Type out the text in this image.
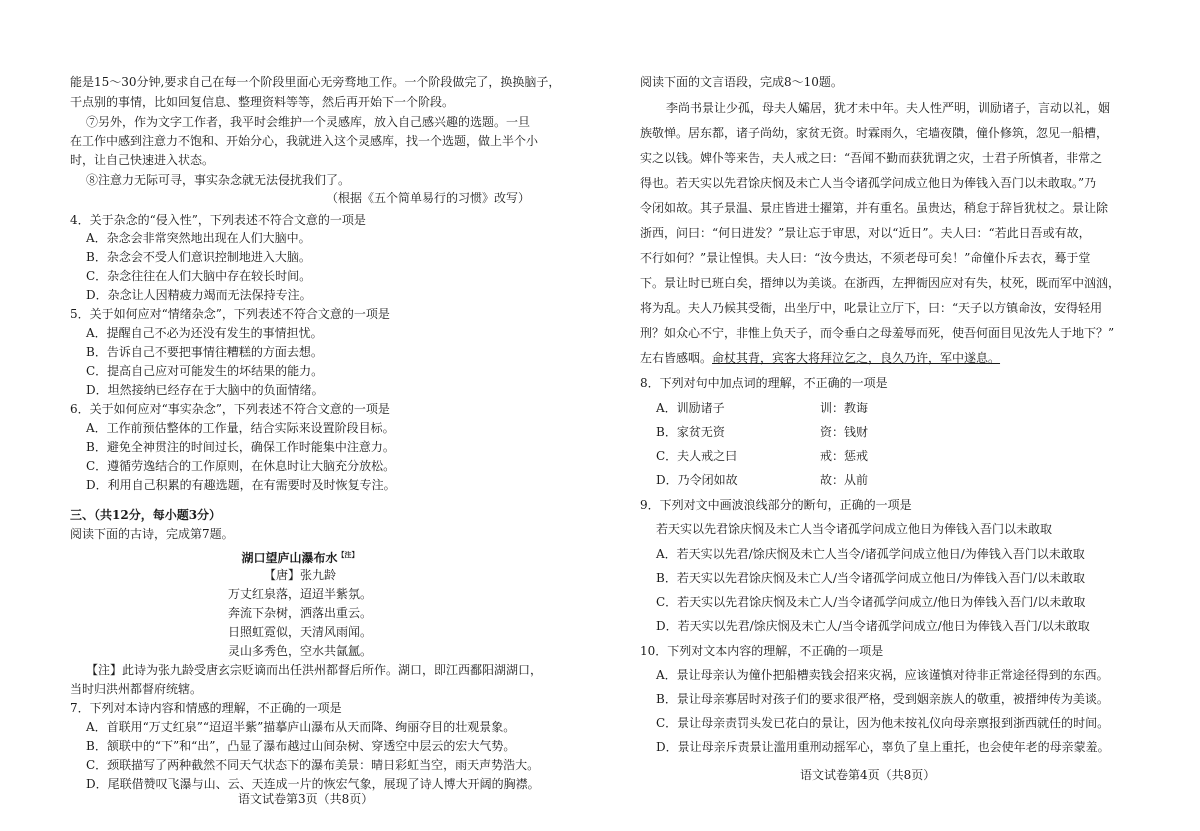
能是15～30分钟,要求自己在每一个阶段里面心无旁骛地工作。一个阶段做完了，换换脑子，
干点别的事情，比如回复信息、整理资料等等，然后再开始下一个阶段。
⑦另外，作为文字工作者，我平时会维护一个灵感库，放入自己感兴趣的选题。一旦
在工作中感到注意力不饱和、开始分心，我就进入这个灵感库，找一个选题，做上半个小
时，让自己快速进入状态。
⑧注意力无际可寻，事实杂念就无法侵扰我们了。
（根据《五个简单易行的习惯》改写）
4．关于杂念的“侵入性”，下列表述不符合文意的一项是
A．杂念会非常突然地出现在人们大脑中。
B．杂念会不受人们意识控制地进入大脑。
C．杂念往往在人们大脑中存在较长时间。
D．杂念让人因精疲力竭而无法保持专注。
5．关于如何应对“情绪杂念”，下列表述不符合文意的一项是
A．提醒自己不必为还没有发生的事情担忧。
B．告诉自己不要把事情往糟糕的方面去想。
C．提高自己应对可能发生的坏结果的能力。
D．坦然接纳已经存在于大脑中的负面情绪。
6．关于如何应对“事实杂念”，下列表述不符合文意的一项是
A．工作前预估整体的工作量，结合实际来设置阶段目标。
B．避免全神贯注的时间过长，确保工作时能集中注意力。
C．遵循劳逸结合的工作原则，在休息时让大脑充分放松。
D．利用自己积累的有趣选题，在有需要时及时恢复专注。
三、（共12分，每小题3分）
阅读下面的古诗，完成第7题。
湖口望庐山瀑布水$^{【注】}$
【唐】张九龄
万丈红泉落，迢迢半紫氛。
奔流下杂树，洒落出重云。
日照虹霓似，天清风雨闻。
灵山多秀色，空水共氤氲。
【注】此诗为张九龄受唐玄宗贬谪而出任洪州都督后所作。湖口，即江西鄱阳湖湖口，
当时归洪州都督府统辖。
7．下列对本诗内容和情感的理解，不正确的一项是
A．首联用“万丈红泉”“迢迢半紫”描摹庐山瀑布从天而降、绚丽夺目的壮观景象。
B．颔联中的“下”和“出”，凸显了瀑布越过山间杂树、穿透空中层云的宏大气势。
C．颈联描写了两种截然不同天气状态下的瀑布美景：晴日彩虹当空，雨天声势浩大。
D．尾联借赞叹飞瀑与山、云、天连成一片的恢宏气象，展现了诗人博大开阔的胸襟。
语文试卷第3页（共8页）
阅读下面的文言语段，完成8～10题。
李尚书景让少孤，母夫人孀居，犹才未中年。夫人性严明，训励诸子，言动以礼，姻
族敬惮。居东都，诸子尚幼，家贫无资。时霖雨久，宅墙夜隤，僮仆修筑，忽见一船槽，
实之以钱。婢仆等来告，夫人戒之曰：“吾闻不勤而获犹谓之灾，士君子所慎者，非常之
得也。若天实以先君馀庆悯及未亡人当令诸孤学问成立他日为俸钱入吾门以未敢取。”乃
令闭如故。其子景温、景庄皆进士擢第，并有重名。虽贵达，稍怠于辞旨犹杖之。景让除
浙西，问曰：“何日进发？”景让忘于审思，对以“近日”。夫人曰：“若此日吾或有故，
不行如何？”景让惶惧。夫人曰：“汝今贵达，不须老母可矣！”命僮仆斥去衣，蓦于堂
下。景让时已班白矣，搢绅以为美谈。在浙西，左押衙因应对有失，杖死，既而军中汹汹，
将为乱。夫人乃候其受衙，出坐厅中，叱景让立厅下，曰：“天子以方镇命汝，安得轻用
刑？如众心不宁，非惟上负天子，而令垂白之母羞辱而死，使吾何面目见汝先人于地下？”
左右皆感咽。命杖其背，宾客大将拜泣乞之，良久乃许，军中遂息。
8．下列对句中加点词的理解，不正确的一项是
A．训励诸子	训：教诲
B．家贫无资	资：钱财
C．夫人戒之曰	戒：惩戒
D．乃令闭如故	故：从前
9．下列对文中画波浪线部分的断句，正确的一项是
若天实以先君馀庆悯及未亡人当令诸孤学问成立他日为俸钱入吾门以未敢取
A．若天实以先君/馀庆悯及未亡人当令/诸孤学问成立他日/为俸钱入吾门以未敢取
B．若天实以先君馀庆悯及未亡人/当令诸孤学问成立他日/为俸钱入吾门/以未敢取
C．若天实以先君馀庆悯及未亡人/当令诸孤学问成立/他日为俸钱入吾门/以未敢取
D．若天实以先君/馀庆悯及未亡人/当令诸孤学问成立/他日为俸钱入吾门/以未敢取
10．下列对文本内容的理解，不正确的一项是
A．景让母亲认为僮仆把船槽卖钱会招来灾祸，应该谨慎对待非正常途径得到的东西。
B．景让母亲寡居时对孩子们的要求很严格，受到姻亲族人的敬重，被搢绅传为美谈。
C．景让母亲责罚头发已花白的景让，因为他未按礼仪向母亲禀报到浙西就任的时间。
D．景让母亲斥责景让滥用重刑动摇军心，辜负了皇上重托，也会使年老的母亲蒙羞。
语文试卷第4页（共8页）
